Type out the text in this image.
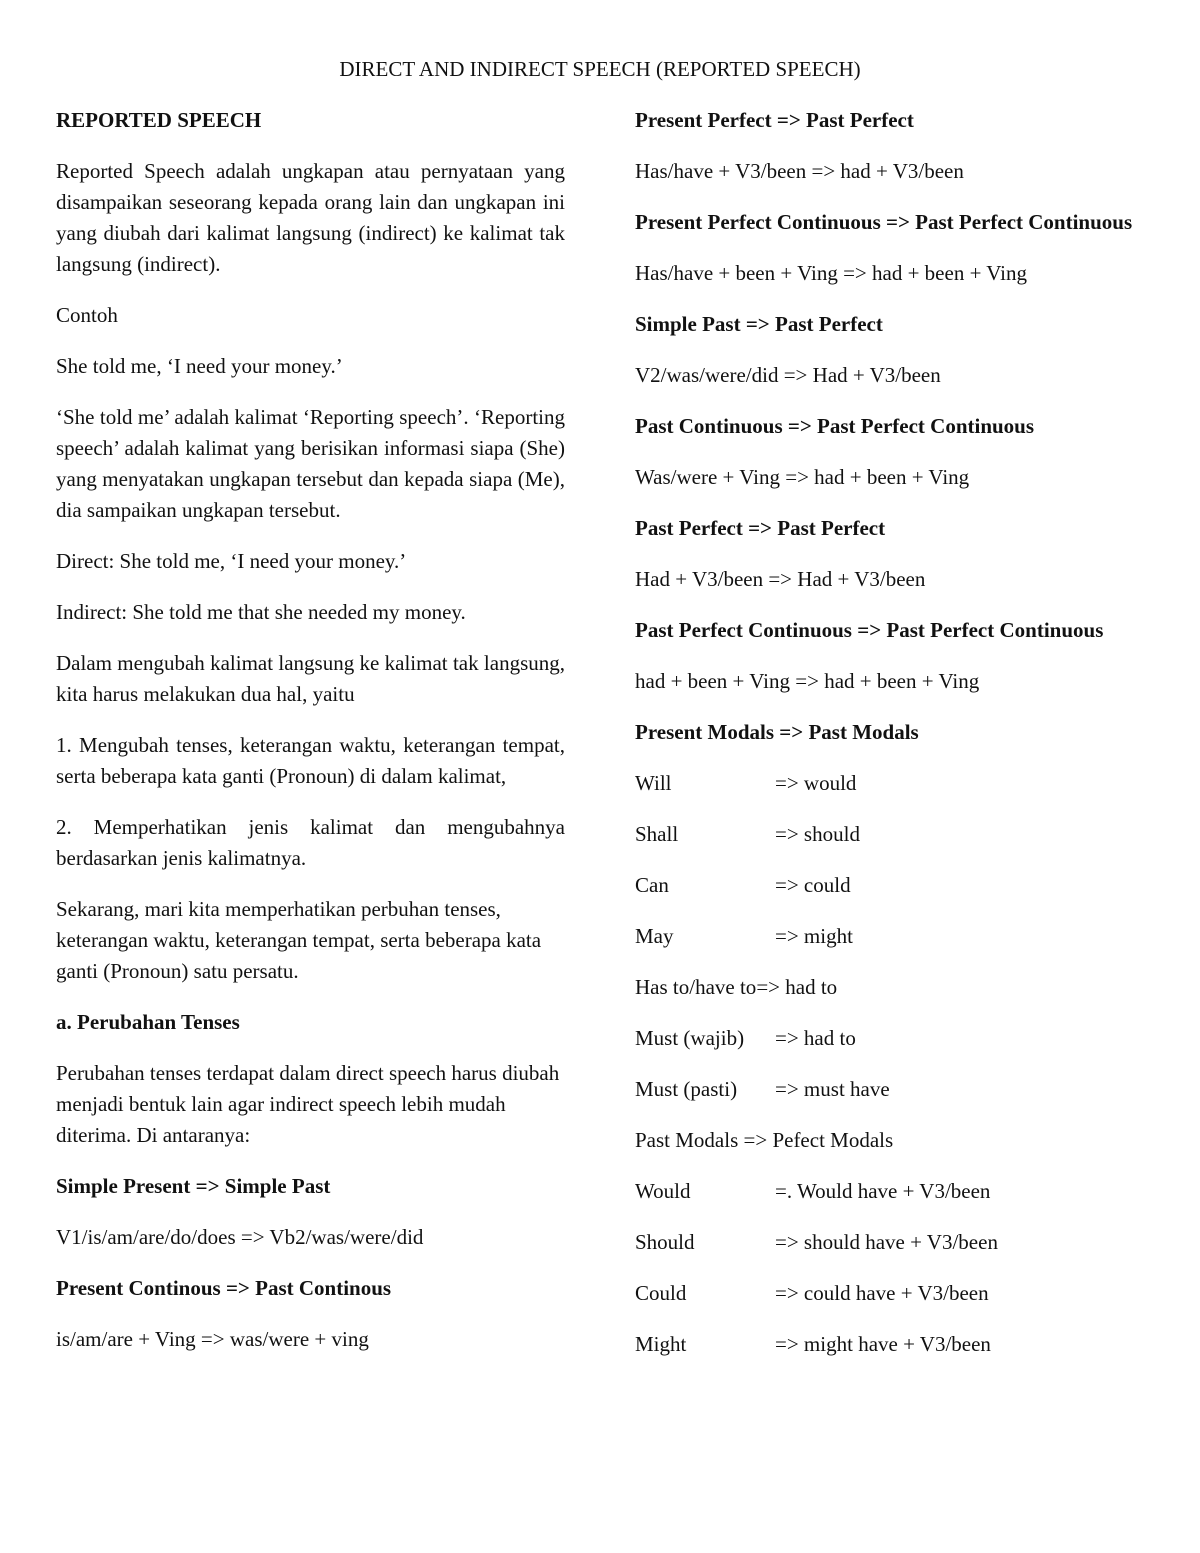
DIRECT AND INDIRECT SPEECH (REPORTED SPEECH)

REPORTED SPEECH

Reported Speech adalah ungkapan atau pernyataan yang disampaikan seseorang kepada orang lain dan ungkapan ini yang diubah dari kalimat langsung (indirect) ke kalimat tak langsung (indirect).

Contoh

She told me, ‘I need your money.’

‘She told me’ adalah kalimat ‘Reporting speech’. ‘Reporting speech’ adalah kalimat yang berisikan informasi siapa (She) yang menyatakan ungkapan tersebut dan kepada siapa (Me), dia sampaikan ungkapan tersebut.

Direct: She told me, ‘I need your money.’

Indirect: She told me that she needed my money.

Dalam mengubah kalimat langsung ke kalimat tak langsung, kita harus melakukan dua hal, yaitu

1. Mengubah tenses, keterangan waktu, keterangan tempat, serta beberapa kata ganti (Pronoun) di dalam kalimat,

2. Memperhatikan jenis kalimat dan mengubahnya berdasarkan jenis kalimatnya.

Sekarang, mari kita memperhatikan perbuhan tenses, keterangan waktu, keterangan tempat, serta beberapa kata ganti (Pronoun) satu persatu.

a. Perubahan Tenses

Perubahan tenses terdapat dalam direct speech harus diubah menjadi bentuk lain agar indirect speech lebih mudah diterima. Di antaranya:

Simple Present => Simple Past

V1/is/am/are/do/does => Vb2/was/were/did

Present Continous => Past Continous

is/am/are + Ving => was/were + ving

Present Perfect => Past Perfect

Has/have + V3/been => had + V3/been

Present Perfect Continuous => Past Perfect Continuous

Has/have + been + Ving => had + been + Ving

Simple Past => Past Perfect

V2/was/were/did => Had + V3/been

Past Continuous => Past Perfect Continuous

Was/were + Ving => had + been + Ving

Past Perfect => Past Perfect

Had + V3/been => Had + V3/been

Past Perfect Continuous => Past Perfect Continuous

had + been + Ving => had + been + Ving

Present Modals => Past Modals

Will	=> would
Shall	=> should
Can	=> could
May	=> might
Has to/have to => had to
Must (wajib)	=> had to
Must (pasti)	=> must have

Past Modals => Pefect Modals

Would	=. Would have + V3/been
Should	=> should have + V3/been
Could	=> could have + V3/been
Might	=> might have + V3/been
